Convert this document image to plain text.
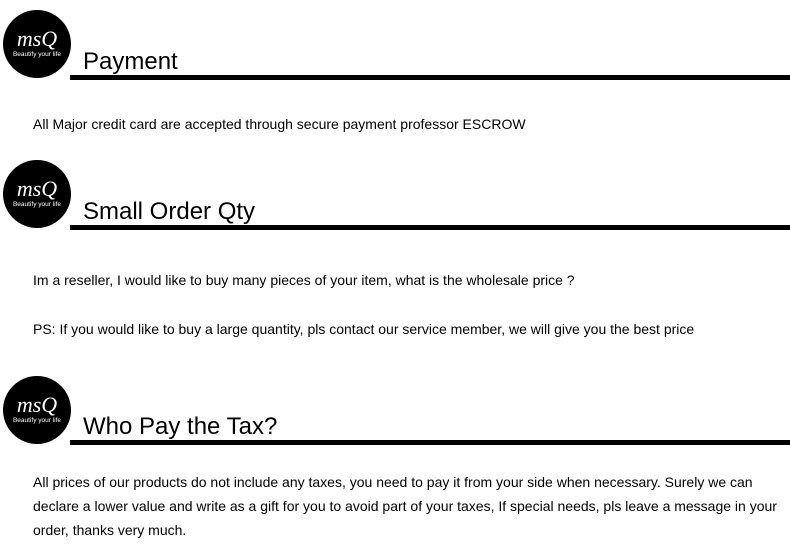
msQ
Beautify your life Payment

All Major credit card are accepted through secure payment professor ESCROW

msQ
Beautify your life Small Order Qty

Im a reseller, I would like to buy many pieces of your item, what is the wholesale price ?

PS: If you would like to buy a large quantity, pls contact our service member, we will give you the best price

msQ
Beautify your life Who Pay the Tax?

All prices of our products do not include any taxes, you need to pay it from your side when necessary. Surely we can declare a lower value and write as a gift for you to avoid part of your taxes, If special needs, pls leave a message in your order, thanks very much.
